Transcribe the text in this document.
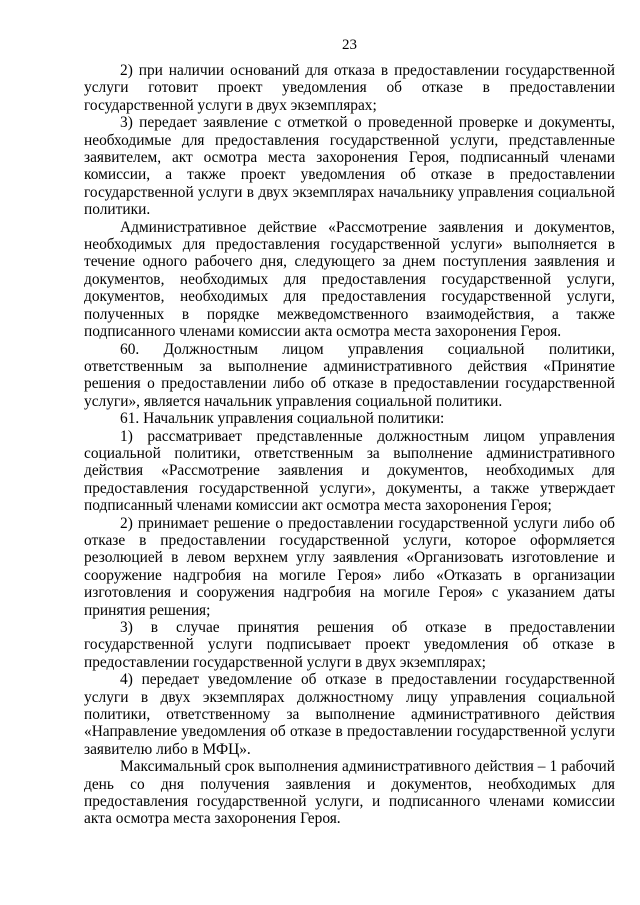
23

2) при наличии оснований для отказа в предоставлении государственной услуги готовит проект уведомления об отказе в предоставлении государственной услуги в двух экземплярах;

3) передает заявление с отметкой о проведенной проверке и документы, необходимые для предоставления государственной услуги, представленные заявителем, акт осмотра места захоронения Героя, подписанный членами комиссии, а также проект уведомления об отказе в предоставлении государственной услуги в двух экземплярах начальнику управления социальной политики.

Административное действие «Рассмотрение заявления и документов, необходимых для предоставления государственной услуги» выполняется в течение одного рабочего дня, следующего за днем поступления заявления и документов, необходимых для предоставления государственной услуги, документов, необходимых для предоставления государственной услуги, полученных в порядке межведомственного взаимодействия, а также подписанного членами комиссии акта осмотра места захоронения Героя.

60. Должностным лицом управления социальной политики, ответственным за выполнение административного действия «Принятие решения о предоставлении либо об отказе в предоставлении государственной услуги», является начальник управления социальной политики.

61. Начальник управления социальной политики:

1) рассматривает представленные должностным лицом управления социальной политики, ответственным за выполнение административного действия «Рассмотрение заявления и документов, необходимых для предоставления государственной услуги», документы, а также утверждает подписанный членами комиссии акт осмотра места захоронения Героя;

2) принимает решение о предоставлении государственной услуги либо об отказе в предоставлении государственной услуги, которое оформляется резолюцией в левом верхнем углу заявления «Организовать изготовление и сооружение надгробия на могиле Героя» либо «Отказать в организации изготовления и сооружения надгробия на могиле Героя» с указанием даты принятия решения;

3) в случае принятия решения об отказе в предоставлении государственной услуги подписывает проект уведомления об отказе в предоставлении государственной услуги в двух экземплярах;

4) передает уведомление об отказе в предоставлении государственной услуги в двух экземплярах должностному лицу управления социальной политики, ответственному за выполнение административного действия «Направление уведомления об отказе в предоставлении государственной услуги заявителю либо в МФЦ».

Максимальный срок выполнения административного действия – 1 рабочий день со дня получения заявления и документов, необходимых для предоставления государственной услуги, и подписанного членами комиссии акта осмотра места захоронения Героя.
